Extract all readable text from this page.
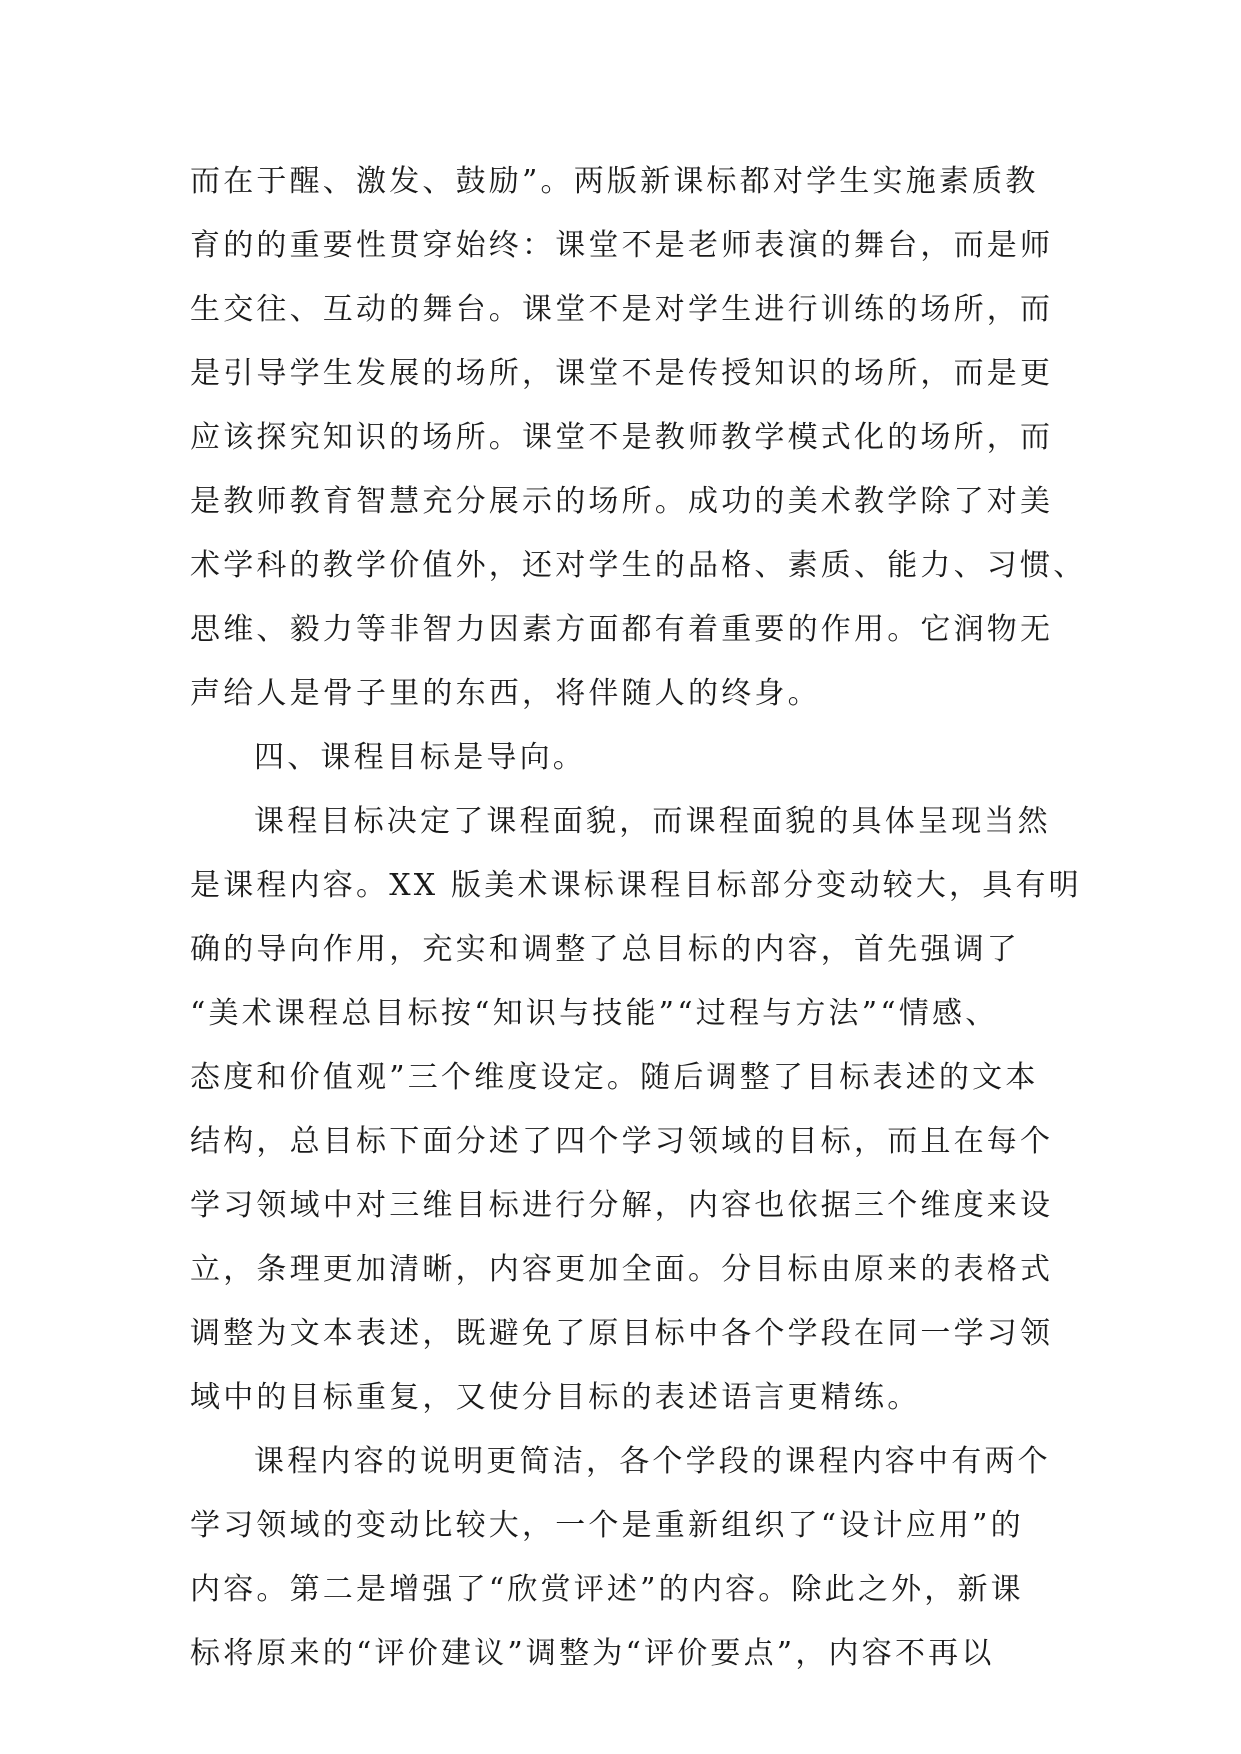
而在于醒、激发、鼓励”。两版新课标都对学生实施素质教
育的的重要性贯穿始终：课堂不是老师表演的舞台，而是师
生交往、互动的舞台。课堂不是对学生进行训练的场所，而
是引导学生发展的场所，课堂不是传授知识的场所，而是更
应该探究知识的场所。课堂不是教师教学模式化的场所，而
是教师教育智慧充分展示的场所。成功的美术教学除了对美
术学科的教学价值外，还对学生的品格、素质、能力、习惯、
思维、毅力等非智力因素方面都有着重要的作用。它润物无
声给人是骨子里的东西，将伴随人的终身。
四、课程目标是导向。
课程目标决定了课程面貌，而课程面貌的具体呈现当然
是课程内容。XX 版美术课标课程目标部分变动较大，具有明
确的导向作用，充实和调整了总目标的内容，首先强调了
“美术课程总目标按“知识与技能”“过程与方法”“情感、
态度和价值观”三个维度设定。随后调整了目标表述的文本
结构，总目标下面分述了四个学习领域的目标，而且在每个
学习领域中对三维目标进行分解，内容也依据三个维度来设
立，条理更加清晰，内容更加全面。分目标由原来的表格式
调整为文本表述，既避免了原目标中各个学段在同一学习领
域中的目标重复，又使分目标的表述语言更精练。
课程内容的说明更简洁，各个学段的课程内容中有两个
学习领域的变动比较大，一个是重新组织了“设计应用”的
内容。第二是增强了“欣赏评述”的内容。除此之外，新课
标将原来的“评价建议”调整为“评价要点”，内容不再以
